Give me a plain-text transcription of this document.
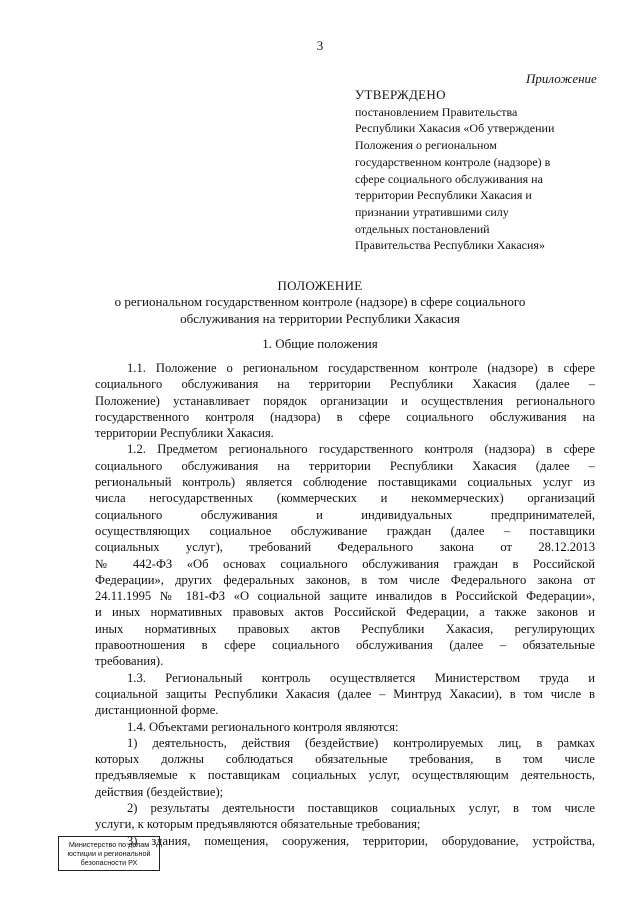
3
Приложение
УТВЕРЖДЕНО
постановлением Правительства
Республики Хакасия «Об утверждении
Положения о региональном
государственном контроле (надзоре) в
сфере социального обслуживания на
территории Республики Хакасия и
признании утратившими силу
отдельных постановлений
Правительства Республики Хакасия»
ПОЛОЖЕНИЕ
о региональном государственном контроле (надзоре) в сфере социального
обслуживания на территории Республики Хакасия
1. Общие положения
1.1. Положение о региональном государственном контроле (надзоре) в сфере
социального обслуживания на территории Республики Хакасия (далее –
Положение) устанавливает порядок организации и осуществления регионального
государственного контроля (надзора) в сфере социального обслуживания на
территории Республики Хакасия.
1.2. Предметом регионального государственного контроля (надзора) в сфере
социального обслуживания на территории Республики Хакасия (далее –
региональный контроль) является соблюдение поставщиками социальных услуг из
числа негосударственных (коммерческих и некоммерческих) организаций
социального обслуживания и индивидуальных предпринимателей,
осуществляющих социальное обслуживание граждан (далее – поставщики
социальных услуг), требований Федерального закона от 28.12.2013
№ 442-ФЗ «Об основах социального обслуживания граждан в Российской
Федерации», других федеральных законов, в том числе Федерального закона от
24.11.1995 № 181-ФЗ «О социальной защите инвалидов в Российской Федерации»,
и иных нормативных правовых актов Российской Федерации, а также законов и
иных нормативных правовых актов Республики Хакасия, регулирующих
правоотношения в сфере социального обслуживания (далее – обязательные
требования).
1.3. Региональный контроль осуществляется Министерством труда и
социальной защиты Республики Хакасия (далее – Минтруд Хакасии), в том числе в
дистанционной форме.
1.4. Объектами регионального контроля являются:
1) деятельность, действия (бездействие) контролируемых лиц, в рамках
которых должны соблюдаться обязательные требования, в том числе
предъявляемые к поставщикам социальных услуг, осуществляющим деятельность,
действия (бездействие);
2) результаты деятельности поставщиков социальных услуг, в том числе
услуги, к которым предъявляются обязательные требования;
3) здания, помещения, сооружения, территории, оборудование, устройства,
Министерство по делам
юстиции и региональной
безопасности РХ
